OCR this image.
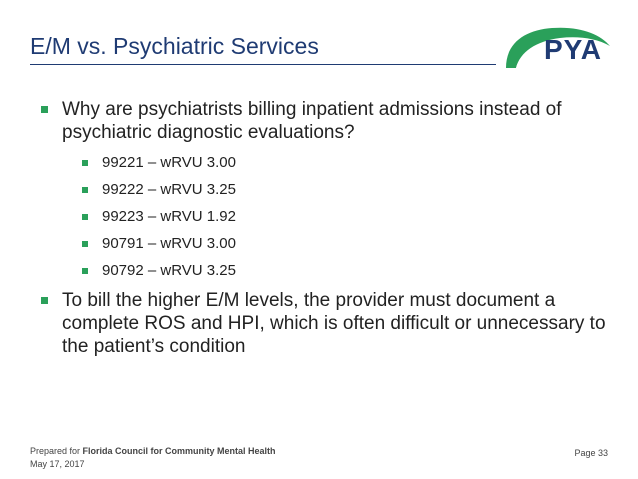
E/M vs. Psychiatric Services	PYA
Why are psychiatrists billing inpatient admissions instead of psychiatric diagnostic evaluations?
99221 – wRVU 3.00
99222 – wRVU 3.25
99223 – wRVU 1.92
90791 – wRVU 3.00
90792 – wRVU 3.25
To bill the higher E/M levels, the provider must document a complete ROS and HPI, which is often difficult or unnecessary to the patient’s condition
Prepared for Florida Council for Community Mental Health
May 17, 2017
Page 33
